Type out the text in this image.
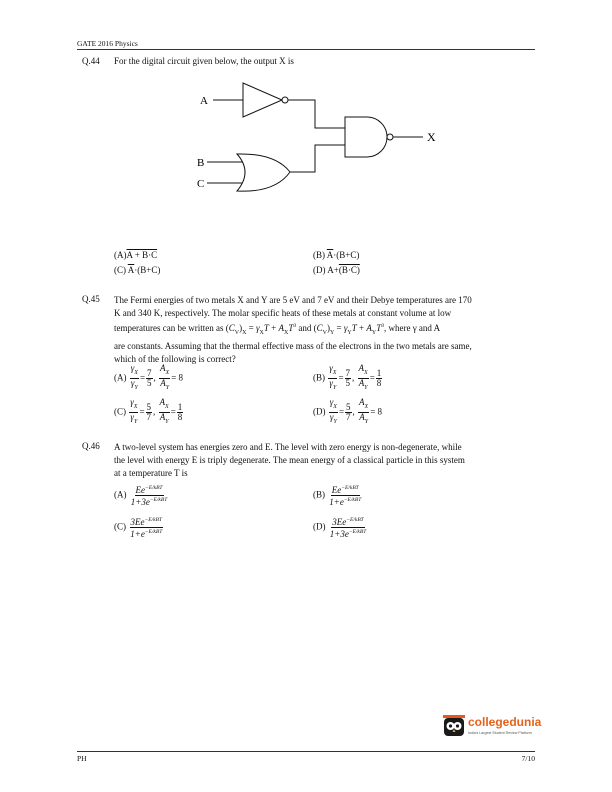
GATE 2016 Physics
Q.44 For the digital circuit given below, the output X is
A
B
C
X
(A)A + B·C	(B) $\overline{A}\cdot(B+C)$
(C) $\overline{A}\cdot(B+C)$	(D) A+(B·C)
Q.45 The Fermi energies of two metals X and Y are 5 eV and 7 eV and their Debye temperatures are 170
K and 340 K, respectively. The molar specific heats of these metals at constant volume at low
temperatures can be written as $(C_V)_X = \gamma_XT + A_XT^3$ and $(C_V)_Y = \gamma_YT + A_YT^3$, where γ and A
are constants. Assuming that the thermal effective mass of the electrons in the two metals are same,
which of the following is correct?
$(A) \frac{\gamma_X}{\gamma_Y} = \frac{7}{5}$ , $\frac{A_X}{A_Y} = 8$	$(B) \frac{\gamma_X}{\gamma_Y} = \frac{7}{5}$ , $\frac{A_X}{A_Y} = \frac{1}{8}$
$(C) \frac{\gamma_X}{\gamma_Y} = \frac{5}{7}$ , $\frac{A_X}{A_Y} = \frac{1}{8}$	$(D) \frac{\gamma_X}{\gamma_Y} = \frac{5}{7}$ , $\frac{A_X}{A_Y} = 8$
Q.46 A two-level system has energies zero and E. The level with zero energy is non-degenerate, while
the level with energy E is triply degenerate. The mean energy of a classical particle in this system
at a temperature T is
$(A) \frac{Ee^{-E/kBT}}{1+3e^{-E/kBT}}$	$(B) \frac{Ee^{-E/kBT}}{1+e^{-E/kBT}}$
$(C) \frac{3Ee^{-E/kBT}}{1+e^{-E/kBT}}$	$(D) \frac{3Ee^{-E/kBT}}{1+3e^{-E/kBT}}$
collegedunia
India's Largest Student Review Platform
PH	7/10
